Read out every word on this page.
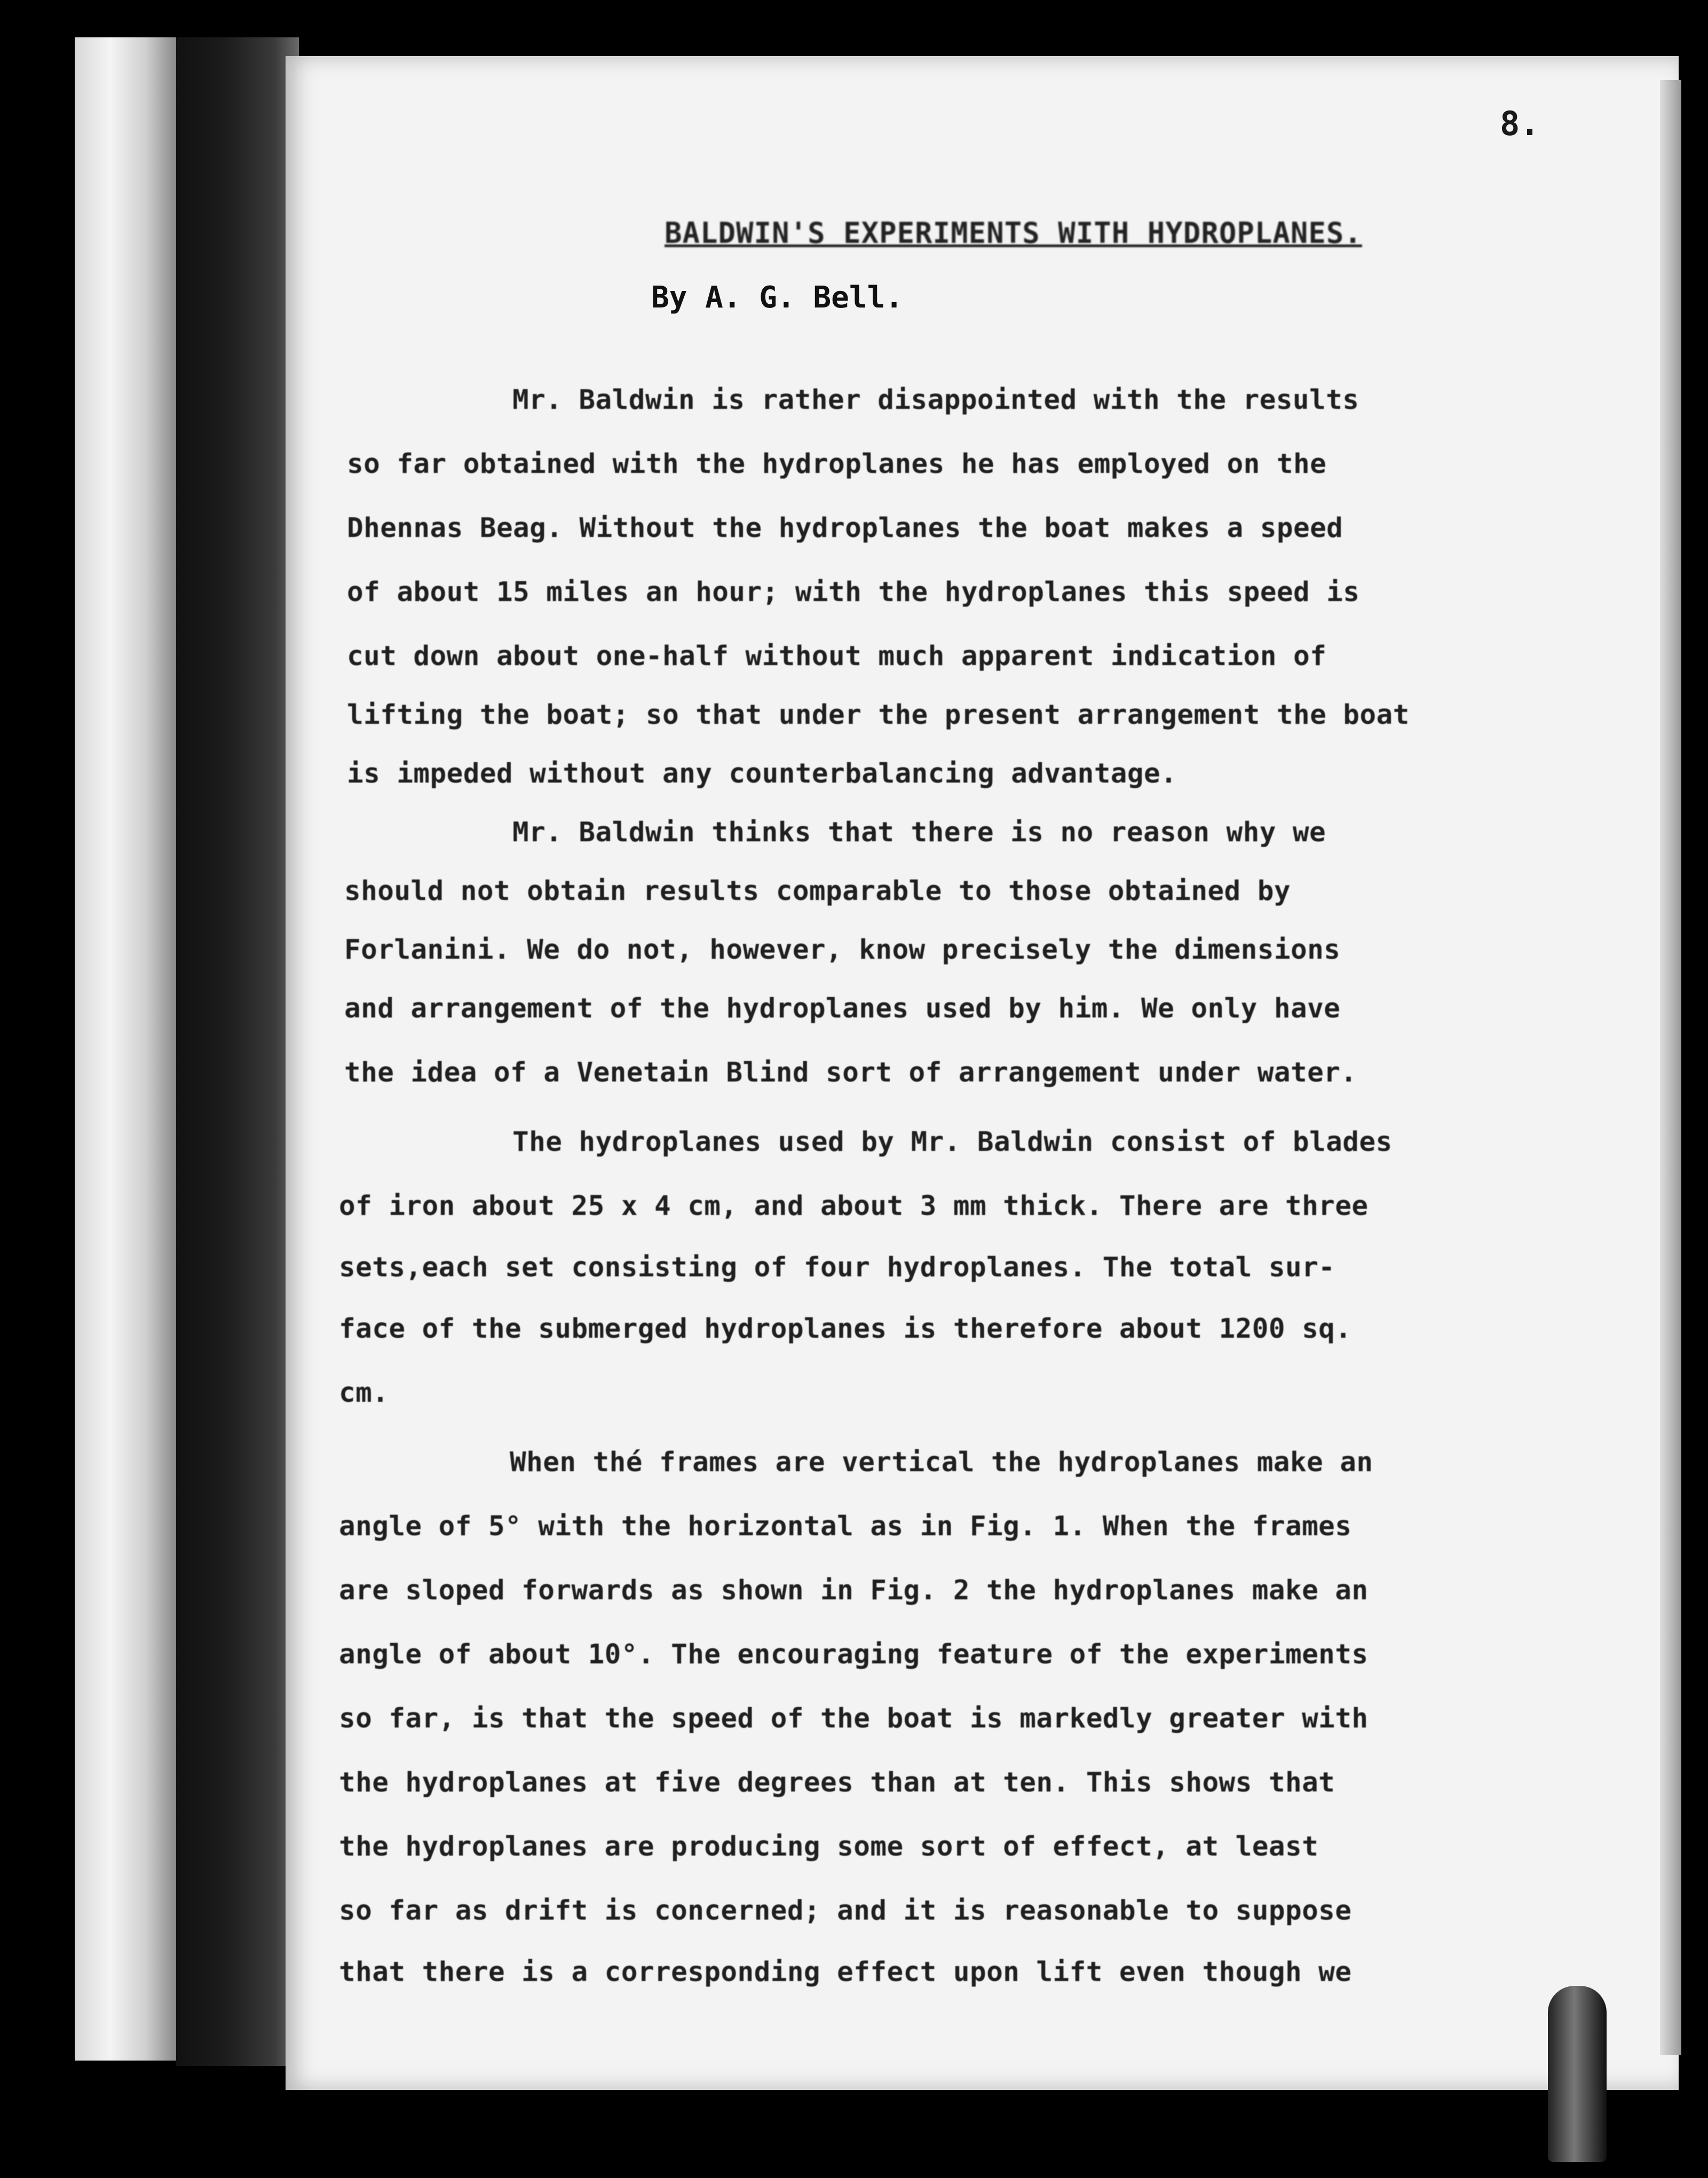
8.
BALDWIN'S EXPERIMENTS WITH HYDROPLANES.
By A. G. Bell.
Mr. Baldwin is rather disappointed with the results
so far obtained with the hydroplanes he has employed on the
Dhennas Beag. Without the hydroplanes the boat makes a speed
of about 15 miles an hour; with the hydroplanes this speed is
cut down about one-half without much apparent indication of
lifting the boat; so that under the present arrangement the boat
is impeded without any counterbalancing advantage.
Mr. Baldwin thinks that there is no reason why we
should not obtain results comparable to those obtained by
Forlanini. We do not, however, know precisely the dimensions
and arrangement of the hydroplanes used by him. We only have
the idea of a Venetain Blind sort of arrangement under water.
The hydroplanes used by Mr. Baldwin consist of blades
of iron about 25 x 4 cm, and about 3 mm thick. There are three
sets,each set consisting of four hydroplanes. The total sur-
face of the submerged hydroplanes is therefore about 1200 sq.
cm.
When thé frames are vertical the hydroplanes make an
angle of 5° with the horizontal as in Fig. 1. When the frames
are sloped forwards as shown in Fig. 2 the hydroplanes make an
angle of about 10°. The encouraging feature of the experiments
so far, is that the speed of the boat is markedly greater with
the hydroplanes at five degrees than at ten. This shows that
the hydroplanes are producing some sort of effect, at least
so far as drift is concerned; and it is reasonable to suppose
that there is a corresponding effect upon lift even though we
